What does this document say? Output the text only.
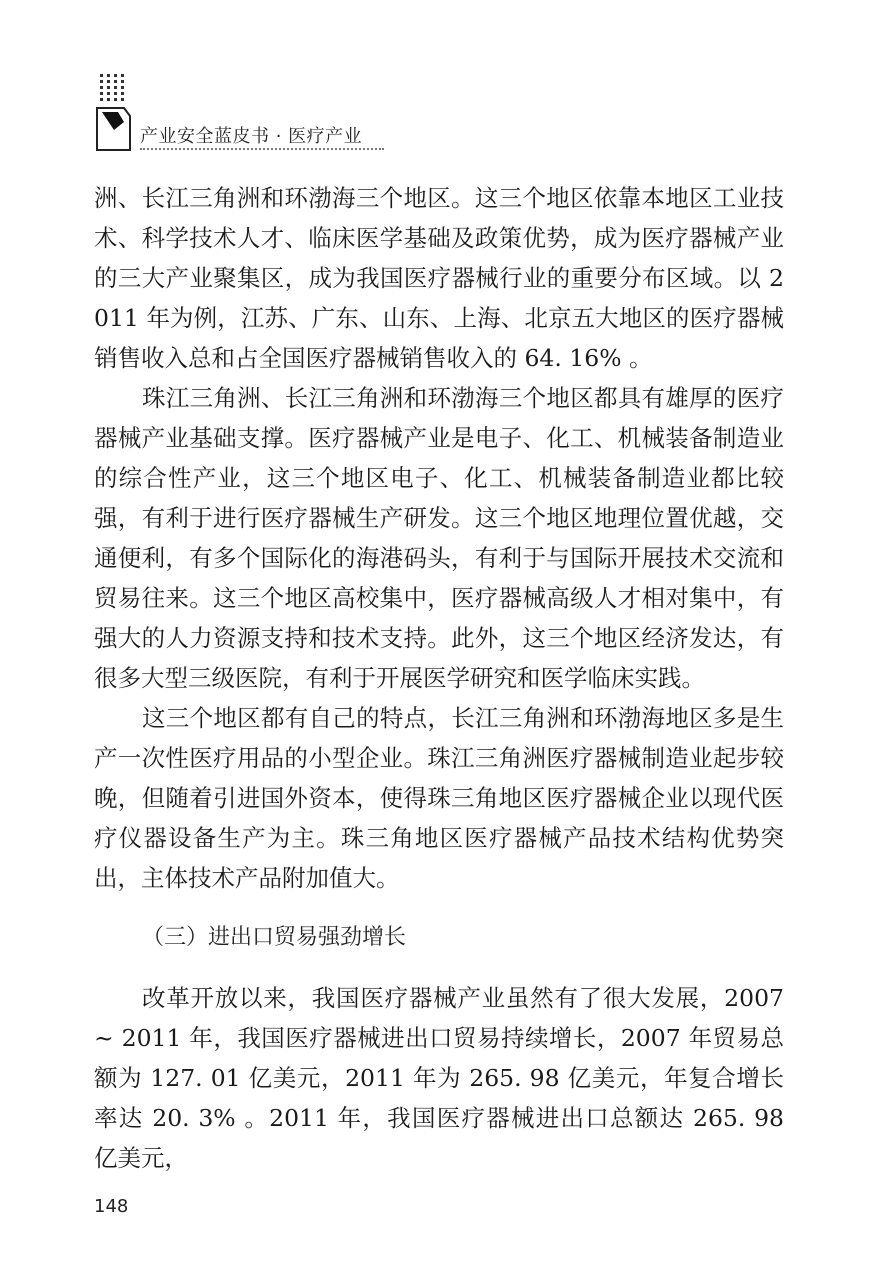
产业安全蓝皮书 · 医疗产业

洲、长江三角洲和环渤海三个地区。这三个地区依靠本地区工业技术、科学技术人才、临床医学基础及政策优势，成为医疗器械产业的三大产业聚集区，成为我国医疗器械行业的重要分布区域。以 2011 年为例，江苏、广东、山东、上海、北京五大地区的医疗器械销售收入总和占全国医疗器械销售收入的 64. 16% 。

珠江三角洲、长江三角洲和环渤海三个地区都具有雄厚的医疗器械产业基础支撑。医疗器械产业是电子、化工、机械装备制造业的综合性产业，这三个地区电子、化工、机械装备制造业都比较强，有利于进行医疗器械生产研发。这三个地区地理位置优越，交通便利，有多个国际化的海港码头，有利于与国际开展技术交流和贸易往来。这三个地区高校集中，医疗器械高级人才相对集中，有强大的人力资源支持和技术支持。此外，这三个地区经济发达，有很多大型三级医院，有利于开展医学研究和医学临床实践。

这三个地区都有自己的特点，长江三角洲和环渤海地区多是生产一次性医疗用品的小型企业。珠江三角洲医疗器械制造业起步较晚，但随着引进国外资本，使得珠三角地区医疗器械企业以现代医疗仪器设备生产为主。珠三角地区医疗器械产品技术结构优势突出，主体技术产品附加值大。

（三）进出口贸易强劲增长

改革开放以来，我国医疗器械产业虽然有了很大发展，2007 ~ 2011 年，我国医疗器械进出口贸易持续增长，2007 年贸易总额为 127. 01 亿美元，2011 年为 265. 98 亿美元，年复合增长率达 20. 3% 。2011 年，我国医疗器械进出口总额达 265. 98 亿美元，

148
